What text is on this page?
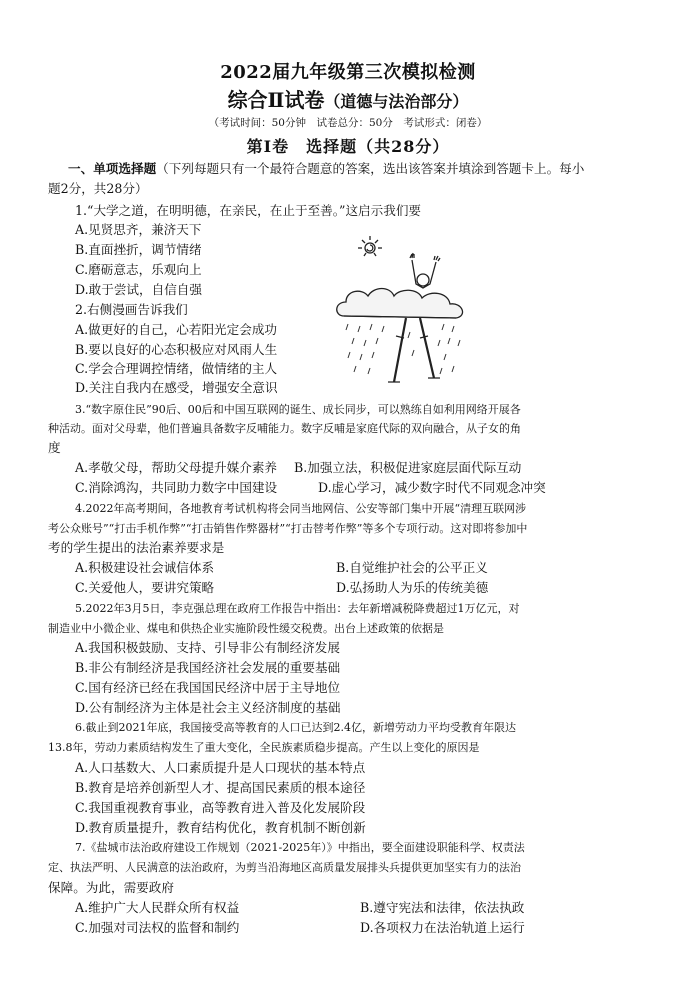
2022届九年级第三次模拟检测
综合Ⅱ试卷（道德与法治部分）
（考试时间：50分钟　试卷总分：50分　考试形式：闭卷）
第Ⅰ卷　选择题（共28分）
一、单项选择题（下列每题只有一个最符合题意的答案，选出该答案并填涂到答题卡上。每小
题2分，共28分）
1.“大学之道，在明明德，在亲民，在止于至善。”这启示我们要
A.见贤思齐，兼济天下
B.直面挫折，调节情绪
C.磨砺意志，乐观向上
D.敢于尝试，自信自强
2.右侧漫画告诉我们
A.做更好的自己，心若阳光定会成功
B.要以良好的心态积极应对风雨人生
C.学会合理调控情绪，做情绪的主人
D.关注自我内在感受，增强安全意识
3.“数字原住民”90后、00后和中国互联网的诞生、成长同步，可以熟练自如利用网络开展各
种活动。面对父母辈，他们普遍具备数字反哺能力。数字反哺是家庭代际的双向融合，从子女的角
度
A.孝敬父母，帮助父母提升媒介素养 B.加强立法，积极促进家庭层面代际互动
C.消除鸿沟，共同助力数字中国建设	D.虚心学习，减少数字时代不同观念冲突
4.2022年高考期间，各地教育考试机构将会同当地网信、公安等部门集中开展“清理互联网涉
考公众账号”“打击手机作弊”“打击销售作弊器材”“打击替考作弊”等多个专项行动。这对即将参加中
考的学生提出的法治素养要求是
A.积极建设社会诚信体系	B.自觉维护社会的公平正义
C.关爱他人，要讲究策略	D.弘扬助人为乐的传统美德
5.2022年3月5日，李克强总理在政府工作报告中指出：去年新增减税降费超过1万亿元，对
制造业中小微企业、煤电和供热企业实施阶段性缓交税费。出台上述政策的依据是
A.我国积极鼓励、支持、引导非公有制经济发展
B.非公有制经济是我国经济社会发展的重要基础
C.国有经济已经在我国国民经济中居于主导地位
D.公有制经济为主体是社会主义经济制度的基础
6.截止到2021年底，我国接受高等教育的人口已达到2.4亿，新增劳动力平均受教育年限达
13.8年，劳动力素质结构发生了重大变化，全民族素质稳步提高。产生以上变化的原因是
A.人口基数大、人口素质提升是人口现状的基本特点
B.教育是培养创新型人才、提高国民素质的根本途径
C.我国重视教育事业，高等教育进入普及化发展阶段
D.教育质量提升，教育结构优化，教育机制不断创新
7.《盐城市法治政府建设工作规划（2021-2025年）》中指出，要全面建设职能科学、权责法
定、执法严明、人民满意的法治政府，为剪当沿海地区高质量发展排头兵提供更加坚实有力的法治
保障。为此，需要政府
A.维护广大人民群众所有权益	B.遵守宪法和法律，依法执政
C.加强对司法权的监督和制约	D.各项权力在法治轨道上运行
